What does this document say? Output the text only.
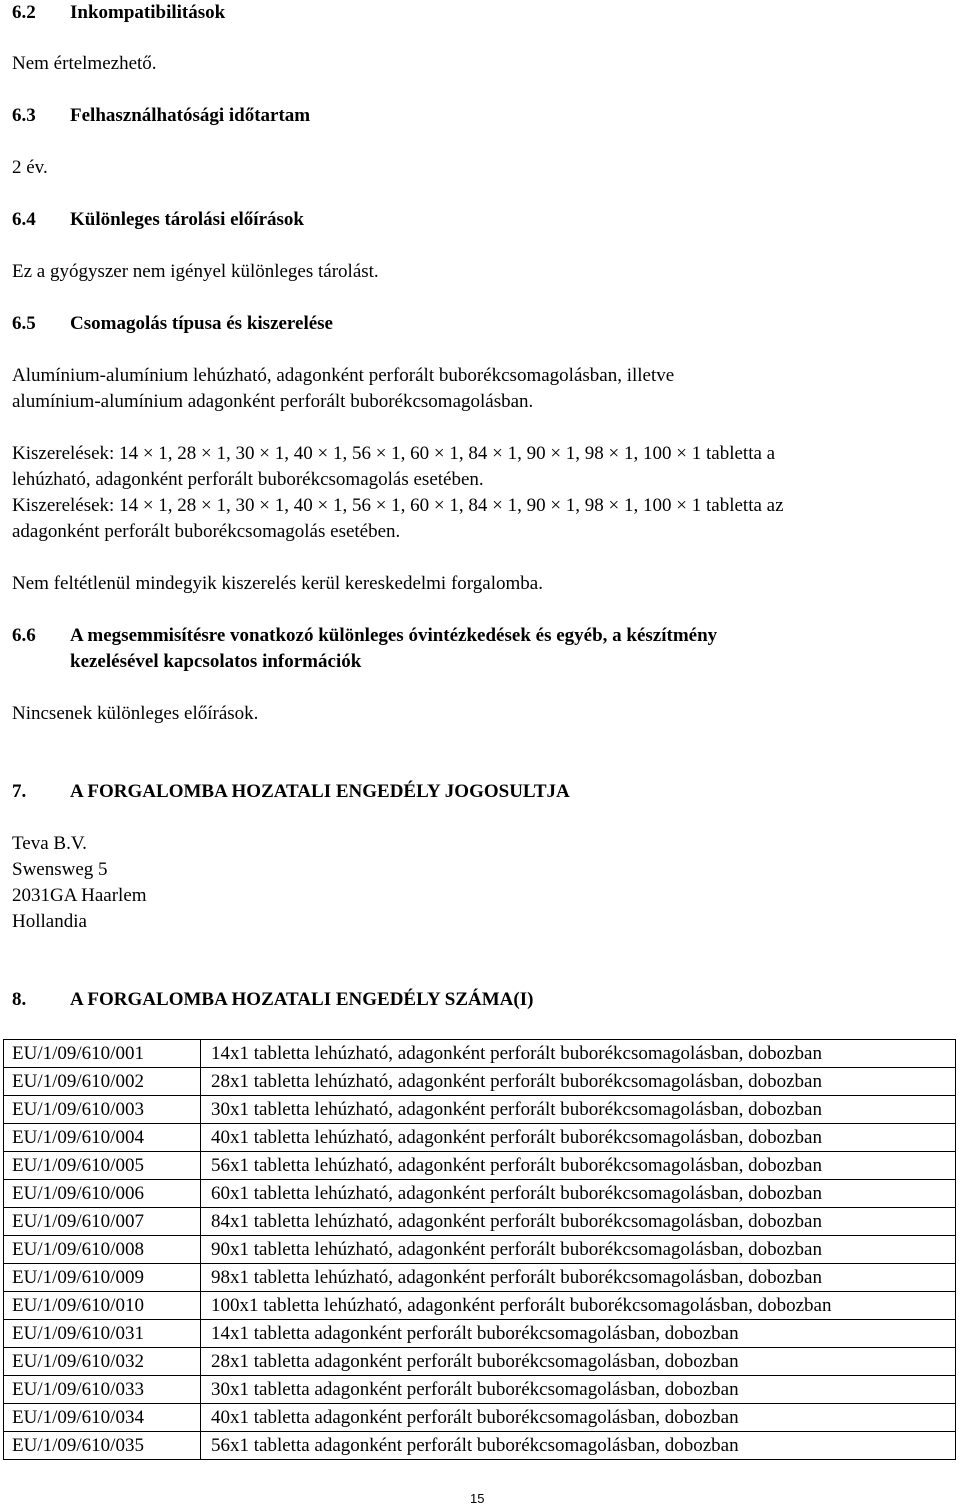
6.2 Inkompatibilitások
Nem értelmezhető.
6.3 Felhasználhatósági időtartam
2 év.
6.4 Különleges tárolási előírások
Ez a gyógyszer nem igényel különleges tárolást.
6.5 Csomagolás típusa és kiszerelése
Alumínium-alumínium lehúzható, adagonként perforált buborékcsomagolásban, illetve
alumínium-alumínium adagonként perforált buborékcsomagolásban.
Kiszerelések: 14 × 1, 28 × 1, 30 × 1, 40 × 1, 56 × 1, 60 × 1, 84 × 1, 90 × 1, 98 × 1, 100 × 1 tabletta a
lehúzható, adagonként perforált buborékcsomagolás esetében.
Kiszerelések: 14 × 1, 28 × 1, 30 × 1, 40 × 1, 56 × 1, 60 × 1, 84 × 1, 90 × 1, 98 × 1, 100 × 1 tabletta az
adagonként perforált buborékcsomagolás esetében.
Nem feltétlenül mindegyik kiszerelés kerül kereskedelmi forgalomba.
6.6 A megsemmisítésre vonatkozó különleges óvintézkedések és egyéb, a készítmény
kezelésével kapcsolatos információk
Nincsenek különleges előírások.
7. A FORGALOMBA HOZATALI ENGEDÉLY JOGOSULTJA
Teva B.V.
Swensweg 5
2031GA Haarlem
Hollandia
8. A FORGALOMBA HOZATALI ENGEDÉLY SZÁMA(I)
EU/1/09/610/001	14x1 tabletta lehúzható, adagonként perforált buborékcsomagolásban, dobozban
EU/1/09/610/002	28x1 tabletta lehúzható, adagonként perforált buborékcsomagolásban, dobozban
EU/1/09/610/003	30x1 tabletta lehúzható, adagonként perforált buborékcsomagolásban, dobozban
EU/1/09/610/004	40x1 tabletta lehúzható, adagonként perforált buborékcsomagolásban, dobozban
EU/1/09/610/005	56x1 tabletta lehúzható, adagonként perforált buborékcsomagolásban, dobozban
EU/1/09/610/006	60x1 tabletta lehúzható, adagonként perforált buborékcsomagolásban, dobozban
EU/1/09/610/007	84x1 tabletta lehúzható, adagonként perforált buborékcsomagolásban, dobozban
EU/1/09/610/008	90x1 tabletta lehúzható, adagonként perforált buborékcsomagolásban, dobozban
EU/1/09/610/009	98x1 tabletta lehúzható, adagonként perforált buborékcsomagolásban, dobozban
EU/1/09/610/010	100x1 tabletta lehúzható, adagonként perforált buborékcsomagolásban, dobozban
EU/1/09/610/031	14x1 tabletta adagonként perforált buborékcsomagolásban, dobozban
EU/1/09/610/032	28x1 tabletta adagonként perforált buborékcsomagolásban, dobozban
EU/1/09/610/033	30x1 tabletta adagonként perforált buborékcsomagolásban, dobozban
EU/1/09/610/034	40x1 tabletta adagonként perforált buborékcsomagolásban, dobozban
EU/1/09/610/035	56x1 tabletta adagonként perforált buborékcsomagolásban, dobozban
15
